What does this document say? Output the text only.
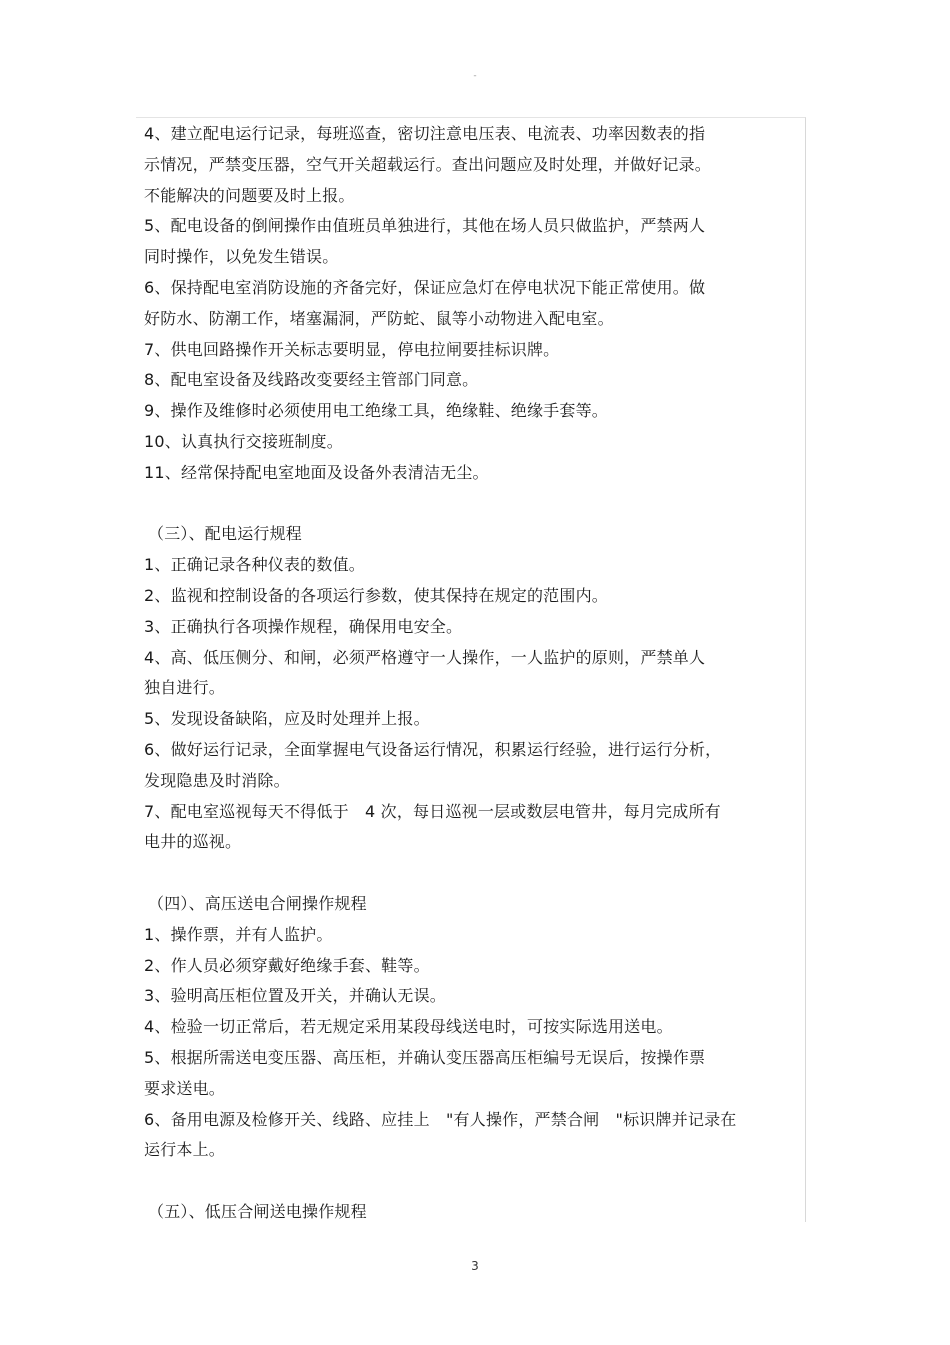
-
4、建立配电运行记录，每班巡查，密切注意电压表、电流表、功率因数表的指
示情况，严禁变压器，空气开关超载运行。查出问题应及时处理，并做好记录。
不能解决的问题要及时上报。
5、配电设备的倒闸操作由值班员单独进行，其他在场人员只做监护，严禁两人
同时操作，以免发生错误。
6、保持配电室消防设施的齐备完好，保证应急灯在停电状况下能正常使用。做
好防水、防潮工作，堵塞漏洞，严防蛇、鼠等小动物进入配电室。
7、供电回路操作开关标志要明显，停电拉闸要挂标识牌。
8、配电室设备及线路改变要经主管部门同意。
9、操作及维修时必须使用电工绝缘工具，绝缘鞋、绝缘手套等。
10、认真执行交接班制度。
11、经常保持配电室地面及设备外表清洁无尘。
（三）、配电运行规程
1、正确记录各种仪表的数值。
2、监视和控制设备的各项运行参数，使其保持在规定的范围内。
3、正确执行各项操作规程，确保用电安全。
4、高、低压侧分、和闸，必须严格遵守一人操作，一人监护的原则，严禁单人
独自进行。
5、发现设备缺陷，应及时处理并上报。
6、做好运行记录，全面掌握电气设备运行情况，积累运行经验，进行运行分析，
发现隐患及时消除。
7、配电室巡视每天不得低于　4 次，每日巡视一层或数层电管井，每月完成所有
电井的巡视。
（四）、高压送电合闸操作规程
1、操作票，并有人监护。
2、作人员必须穿戴好绝缘手套、鞋等。
3、验明高压柜位置及开关，并确认无误。
4、检验一切正常后，若无规定采用某段母线送电时，可按实际选用送电。
5、根据所需送电变压器、高压柜，并确认变压器高压柜编号无误后，按操作票
要求送电。
6、备用电源及检修开关、线路、应挂上　"有人操作，严禁合闸　"标识牌并记录在
运行本上。
（五）、低压合闸送电操作规程
3
